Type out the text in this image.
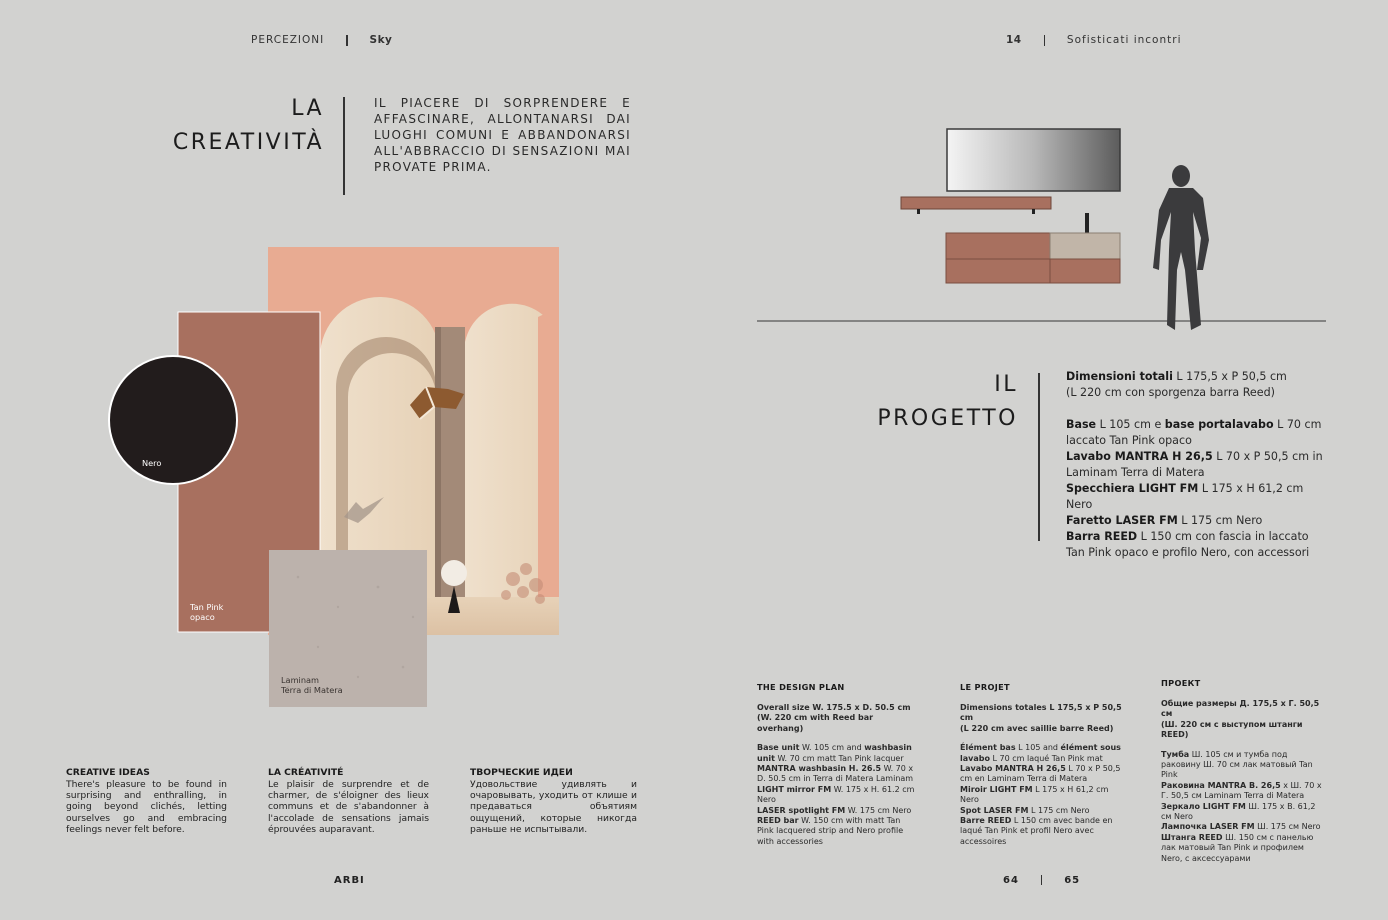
PERCEZIONI	Sky
LA
CREATIVITÀ
IL PIACERE DI SORPRENDERE E AFFASCINARE, ALLONTANARSI DAI LUOGHI COMUNI E ABBANDONARSI ALL'ABBRACCIO DI SENSAZIONI MAI PROVATE PRIMA.
Nero
Tan Pink
opaco
Laminam
Terra di Matera
CREATIVE IDEAS
There's pleasure to be found in surprising and enthralling, in going beyond clichés, letting ourselves go and embracing feelings never felt before.
LA CRÉATIVITÉ
Le plaisir de surprendre et de charmer, de s'éloigner des lieux communs et de s'abandonner à l'accolade de sensations jamais éprouvées auparavant.
ТВОРЧЕСКИЕ ИДЕИ
Удовольствие удивлять и очаровывать, уходить от клише и предаваться объятиям ощущений, которые никогда раньше не испытывали.
ARBI
14	Sofisticati incontri
IL
PROGETTO

Dimensioni totali L 175,5 x P 50,5 cm
(L 220 cm con sporgenza barra Reed)

Base L 105 cm e base portalavabo L 70 cm laccato Tan Pink opaco
Lavabo MANTRA H 26,5 L 70 x P 50,5 cm in Laminam Terra di Matera
Specchiera LIGHT FM L 175 x H 61,2 cm Nero
Faretto LASER FM L 175 cm Nero
Barra REED L 150 cm con fascia in laccato Tan Pink opaco e profilo Nero, con accessori
THE DESIGN PLAN

Overall size W. 175.5 x D. 50.5 cm
(W. 220 cm with Reed bar overhang)

Base unit W. 105 cm and washbasin unit W. 70 cm matt Tan Pink lacquer
MANTRA washbasin H. 26.5 W. 70 x D. 50.5 cm in Terra di Matera Laminam
LIGHT mirror FM W. 175 x H. 61.2 cm Nero
LASER spotlight FM W. 175 cm Nero
REED bar W. 150 cm with matt Tan Pink lacquered strip and Nero profile with accessories
LE PROJET

Dimensions totales L 175,5 x P 50,5 cm
(L 220 cm avec saillie barre Reed)

Élément bas L 105 and élément sous lavabo L 70 cm laqué Tan Pink mat
Lavabo MANTRA H 26,5 L 70 x P 50,5 cm en Laminam Terra di Matera
Miroir LIGHT FM L 175 x H 61,2 cm Nero
Spot LASER FM L 175 cm Nero
Barre REED L 150 cm avec bande en laqué Tan Pink et profil Nero avec accessoires
ПРОЕКТ

Общие размеры Д. 175,5 x Г. 50,5 см
(Ш. 220 см с выступом штанги REED)

Тумба Ш. 105 см и тумба под раковину Ш. 70 см лак матовый Tan Pink
Раковина MANTRA В. 26,5 x Ш. 70 x Г. 50,5 см Laminam Terra di Matera
Зеркало LIGHT FM Ш. 175 x В. 61,2 см Nero
Лампочка LASER FM Ш. 175 см Nero
Штанга REED Ш. 150 см с панелью лак матовый Tan Pink и профилем Nero, с аксессуарами
64	65
